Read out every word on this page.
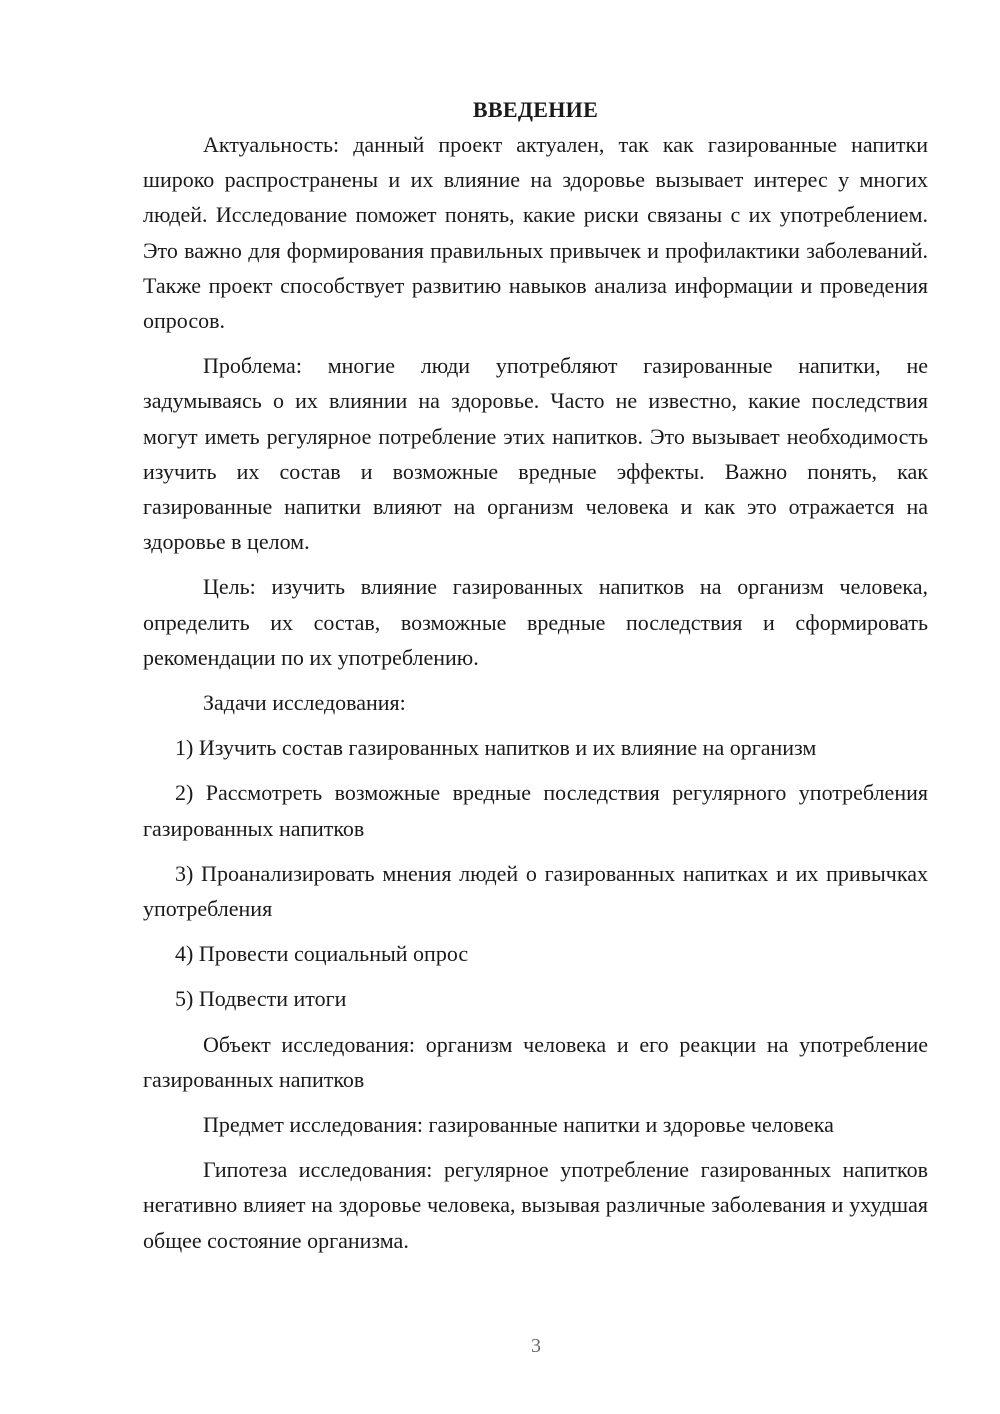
ВВЕДЕНИЕ

Актуальность: данный проект актуален, так как газированные напитки широко распространены и их влияние на здоровье вызывает интерес у многих людей. Исследование поможет понять, какие риски связаны с их употреблением. Это важно для формирования правильных привычек и профилактики заболеваний. Также проект способствует развитию навыков анализа информации и проведения опросов.

Проблема: многие люди употребляют газированные напитки, не задумываясь о их влиянии на здоровье. Часто не известно, какие последствия могут иметь регулярное потребление этих напитков. Это вызывает необходимость изучить их состав и возможные вредные эффекты. Важно понять, как газированные напитки влияют на организм человека и как это отражается на здоровье в целом.

Цель: изучить влияние газированных напитков на организм человека, определить их состав, возможные вредные последствия и сформировать рекомендации по их употреблению.

Задачи исследования:

1) Изучить состав газированных напитков и их влияние на организм

2) Рассмотреть возможные вредные последствия регулярного употребления газированных напитков

3) Проанализировать мнения людей о газированных напитках и их привычках употребления

4) Провести социальный опрос

5) Подвести итоги

Объект исследования: организм человека и его реакции на употребление газированных напитков

Предмет исследования: газированные напитки и здоровье человека

Гипотеза исследования: регулярное употребление газированных напитков негативно влияет на здоровье человека, вызывая различные заболевания и ухудшая общее состояние организма.

3
